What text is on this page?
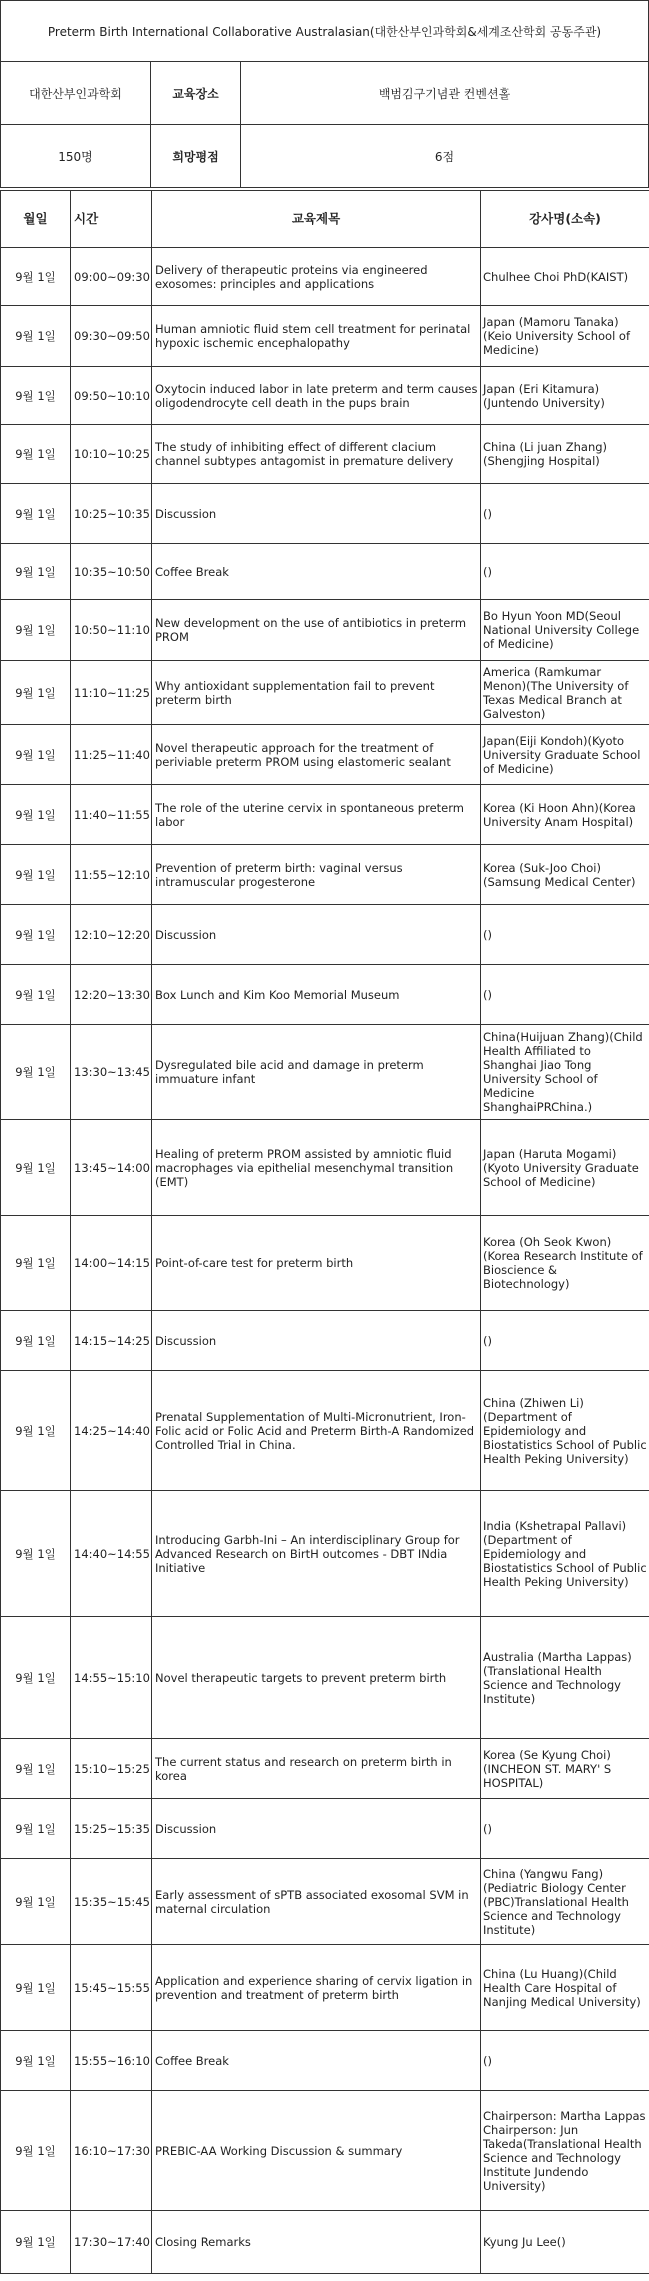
Preterm Birth International Collaborative Australasian(대한산부인과학회&세계조산학회 공동주관)
대한산부인과학회	교육장소	백범김구기념관 컨벤션홀
150명	희망평점	6점
월일	시간	교육제목	강사명(소속)
9월 1일	09:00~09:30	Delivery of therapeutic proteins via engineered exosomes: principles and applications	Chulhee Choi PhD(KAIST)
9월 1일	09:30~09:50	Human amniotic fluid stem cell treatment for perinatal hypoxic ischemic encephalopathy	Japan (Mamoru Tanaka)(Keio University School of Medicine)
9월 1일	09:50~10:10	Oxytocin induced labor in late preterm and term causes oligodendrocyte cell death in the pups brain	Japan (Eri Kitamura)(Juntendo University)
9월 1일	10:10~10:25	The study of inhibiting effect of different clacium channel subtypes antagomist in premature delivery	China (Li juan Zhang)(Shengjing Hospital)
9월 1일	10:25~10:35	Discussion	()
9월 1일	10:35~10:50	Coffee Break	()
9월 1일	10:50~11:10	New development on the use of antibiotics in preterm PROM	Bo Hyun Yoon MD(Seoul National University College of Medicine)
9월 1일	11:10~11:25	Why antioxidant supplementation fail to prevent preterm birth	America (Ramkumar Menon)(The University of Texas Medical Branch at Galveston)
9월 1일	11:25~11:40	Novel therapeutic approach for the treatment of periviable preterm PROM using elastomeric sealant	Japan(Eiji Kondoh)(Kyoto University Graduate School of Medicine)
9월 1일	11:40~11:55	The role of the uterine cervix in spontaneous preterm labor	Korea (Ki Hoon Ahn)(Korea University Anam Hospital)
9월 1일	11:55~12:10	Prevention of preterm birth: vaginal versus intramuscular progesterone	Korea (Suk-Joo Choi)(Samsung Medical Center)
9월 1일	12:10~12:20	Discussion	()
9월 1일	12:20~13:30	Box Lunch and Kim Koo Memorial Museum	()
9월 1일	13:30~13:45	Dysregulated bile acid and damage in preterm immuature infant	China(Huijuan Zhang)(Child Health Affiliated to Shanghai Jiao Tong University School of Medicine ShanghaiPRChina.)
9월 1일	13:45~14:00	Healing of preterm PROM assisted by amniotic fluid macrophages via epithelial mesenchymal transition (EMT)	Japan (Haruta Mogami)(Kyoto University Graduate School of Medicine)
9월 1일	14:00~14:15	Point-of-care test for preterm birth	Korea (Oh Seok Kwon)(Korea Research Institute of Bioscience & Biotechnology)
9월 1일	14:15~14:25	Discussion	()
9월 1일	14:25~14:40	Prenatal Supplementation of Multi-Micronutrient, Iron-Folic acid or Folic Acid and Preterm Birth-A Randomized Controlled Trial in China.	China (Zhiwen Li)(Department of Epidemiology and Biostatistics School of Public Health Peking University)
9월 1일	14:40~14:55	Introducing Garbh-Ini – An interdisciplinary Group for Advanced Research on BirtH outcomes - DBT INdia Initiative	India (Kshetrapal Pallavi)(Department of Epidemiology and Biostatistics School of Public Health Peking University)
9월 1일	14:55~15:10	Novel therapeutic targets to prevent preterm birth	Australia (Martha Lappas)(Translational Health Science and Technology Institute)
9월 1일	15:10~15:25	The current status and research on preterm birth in korea	Korea (Se Kyung Choi)(INCHEON ST. MARY' S HOSPITAL)
9월 1일	15:25~15:35	Discussion	()
9월 1일	15:35~15:45	Early assessment of sPTB associated exosomal SVM in maternal circulation	China (Yangwu Fang)(Pediatric Biology Center (PBC)Translational Health Science and Technology Institute)
9월 1일	15:45~15:55	Application and experience sharing of cervix ligation in prevention and treatment of preterm birth	China (Lu Huang)(Child Health Care Hospital of Nanjing Medical University)
9월 1일	15:55~16:10	Coffee Break	()
9월 1일	16:10~17:30	PREBIC-AA Working Discussion & summary	Chairperson: Martha Lappas Chairperson: Jun Takeda(Translational Health Science and Technology Institute Jundendo University)
9월 1일	17:30~17:40	Closing Remarks	Kyung Ju Lee()
